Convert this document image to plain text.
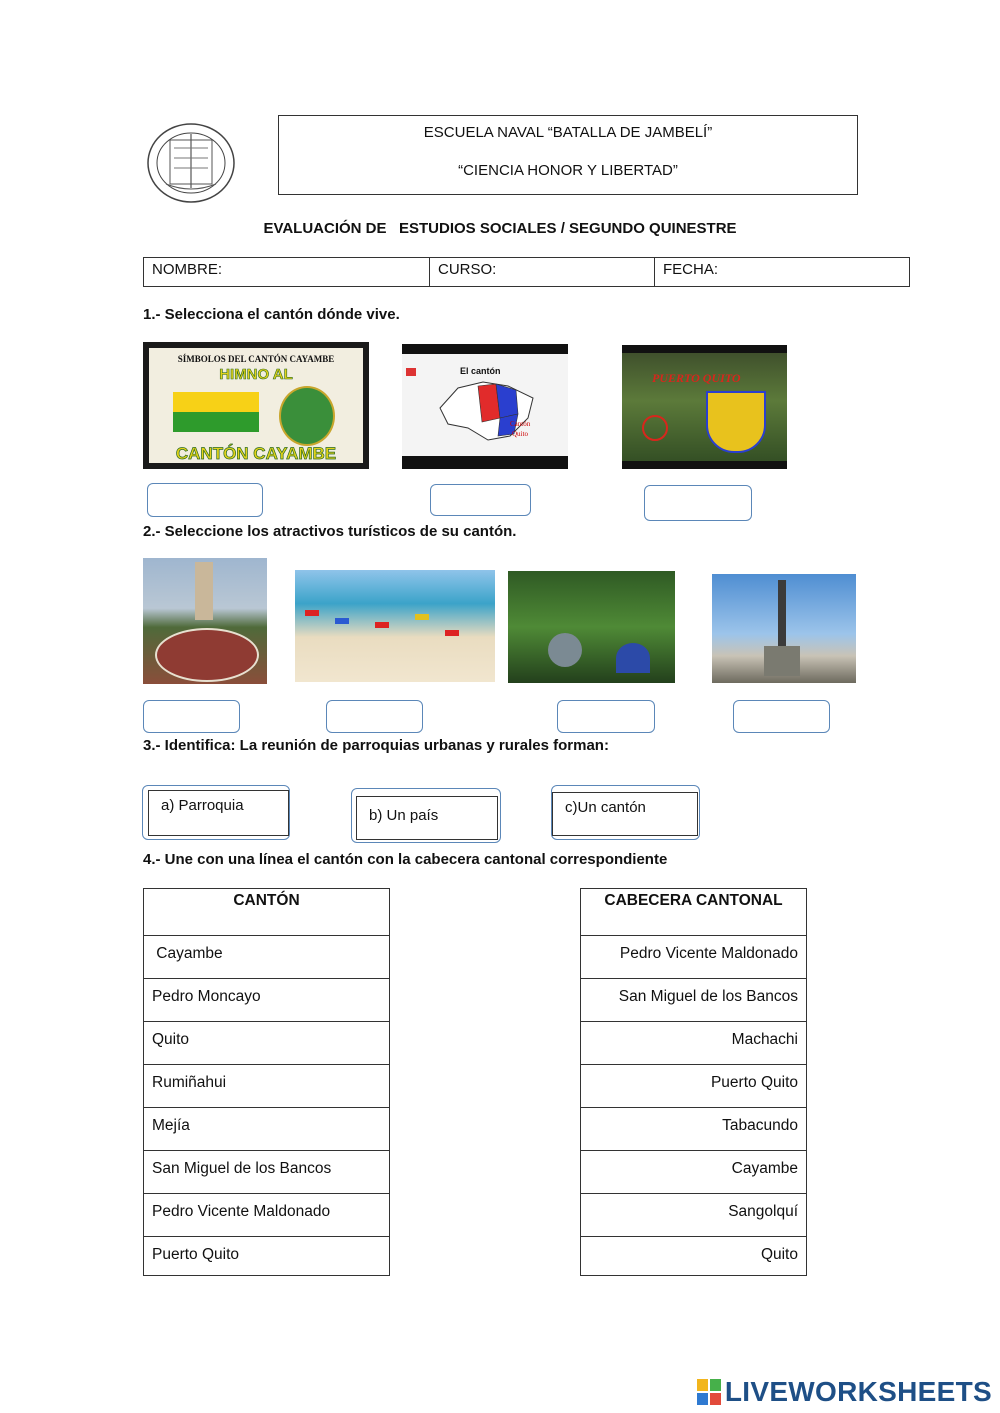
ESCUELA NAVAL “BATALLA DE JAMBELÍ”
“CIENCIA HONOR Y LIBERTAD”
EVALUACIÓN DE   ESTUDIOS SOCIALES / SEGUNDO QUINESTRE
NOMBRE:	CURSO:	FECHA:
1.- Selecciona el cantón dónde vive.
SÍMBOLOS DEL CANTÓN CAYAMBE
HIMNO AL
CANTÓN CAYAMBE
El cantón
Cantón
Quito
PUERTO QUITO
2.- Seleccione los atractivos turísticos de su cantón.
3.- Identifica: La reunión de parroquias urbanas y rurales forman:
a) Parroquia
b) Un país	c)Un cantón
4.- Une con una línea el cantón con la cabecera cantonal correspondiente
CANTÓN
Cayambe
Pedro Moncayo
Quito
Rumiñahui
Mejía
San Miguel de los Bancos
Pedro Vicente Maldonado
Puerto Quito
CABECERA CANTONAL
Pedro Vicente Maldonado
San Miguel de los Bancos
Machachi
Puerto Quito
Tabacundo
Cayambe
Sangolquí
Quito
LIVEWORKSHEETS
